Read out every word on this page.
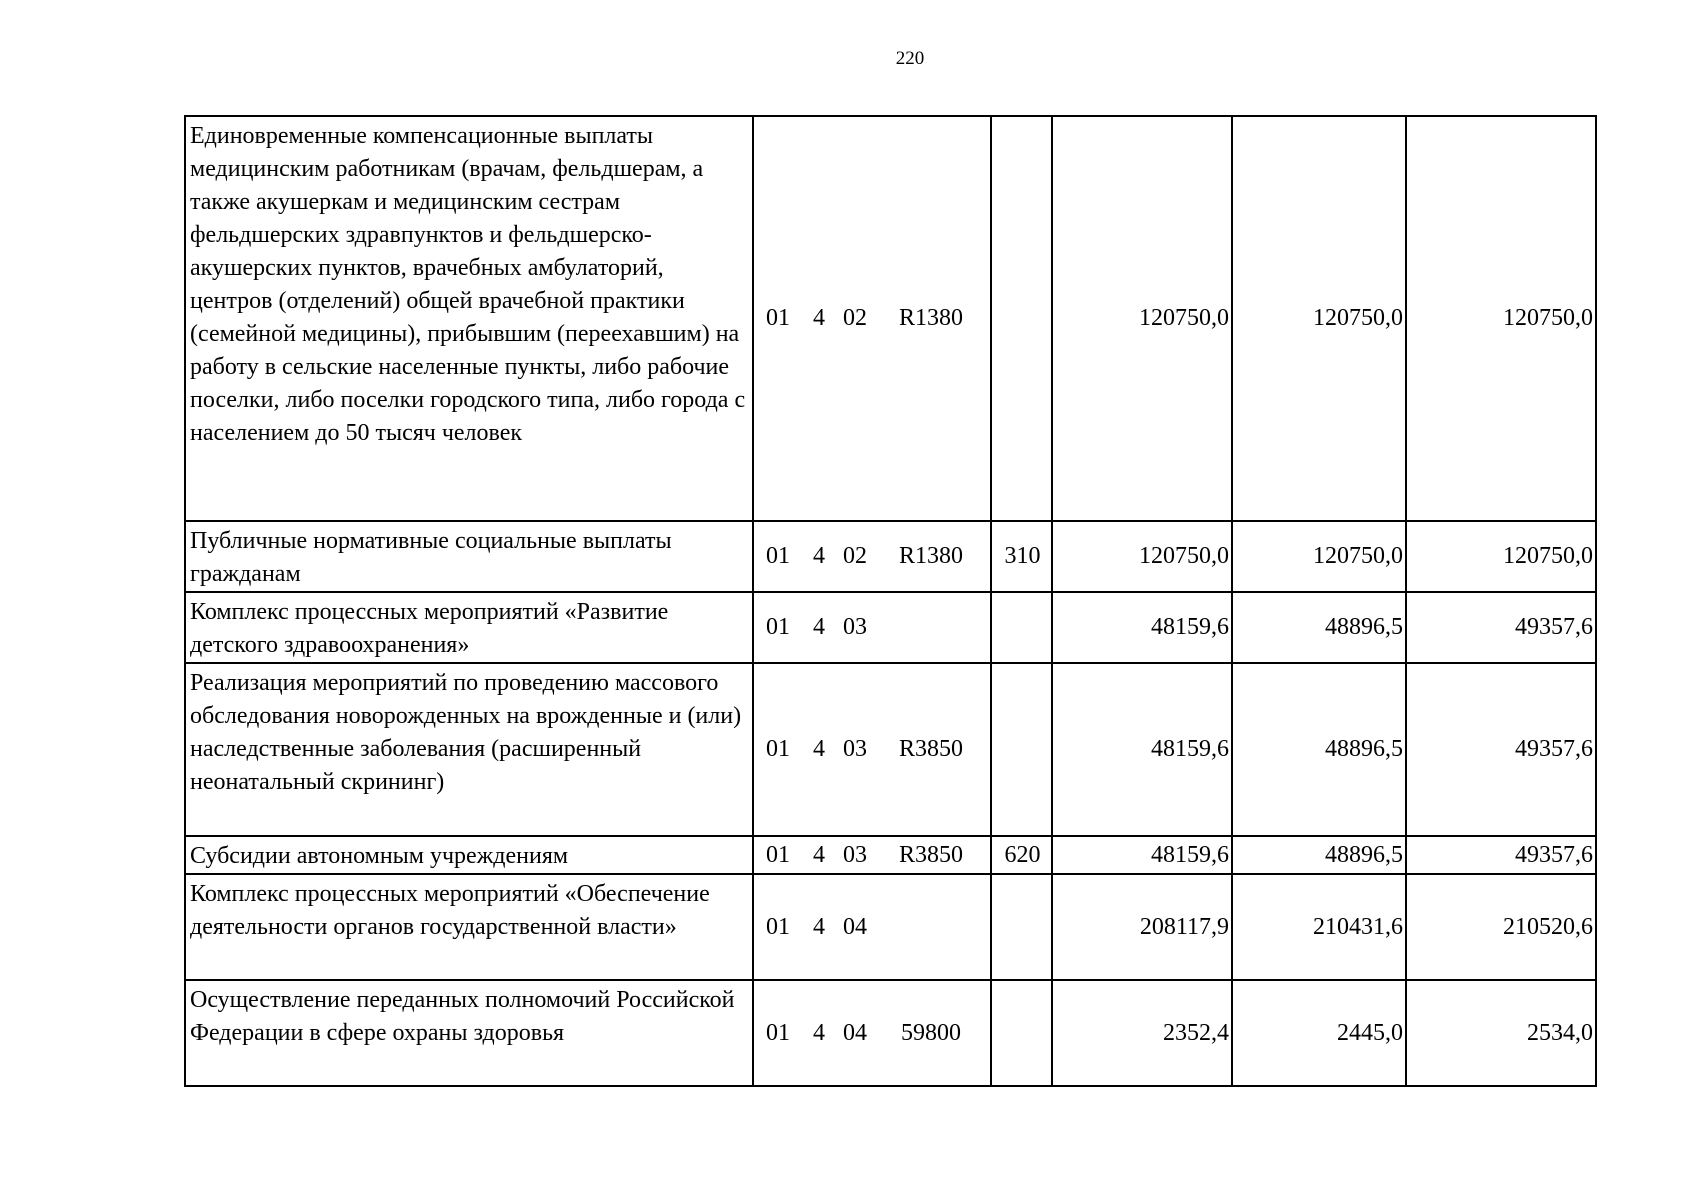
220
Единовременные компенсационные выплаты медицинским работникам (врачам, фельдшерам, а также акушеркам и медицинским сестрам фельдшерских здравпунктов и фельдшерско-акушерских пунктов, врачебных амбулаторий, центров (отделений) общей врачебной практики (семейной медицины), прибывшим (переехавшим) на работу в сельские населенные пункты, либо рабочие поселки, либо поселки городского типа, либо города с населением до 50 тысяч человек	01 4 02 R1380		120750,0	120750,0	120750,0
Публичные нормативные социальные выплаты гражданам	01 4 02 R1380	310	120750,0	120750,0	120750,0
Комплекс процессных мероприятий «Развитие детского здравоохранения»	01 4 03		48159,6	48896,5	49357,6
Реализация мероприятий по проведению массового обследования новорожденных на врожденные и (или) наследственные заболевания (расширенный неонатальный скрининг)	01 4 03 R3850		48159,6	48896,5	49357,6
Субсидии автономным учреждениям	01 4 03 R3850	620	48159,6	48896,5	49357,6
Комплекс процессных мероприятий «Обеспечение деятельности органов государственной власти»	01 4 04		208117,9	210431,6	210520,6
Осуществление переданных полномочий Российской Федерации в сфере охраны здоровья	01 4 04 59800		2352,4	2445,0	2534,0
